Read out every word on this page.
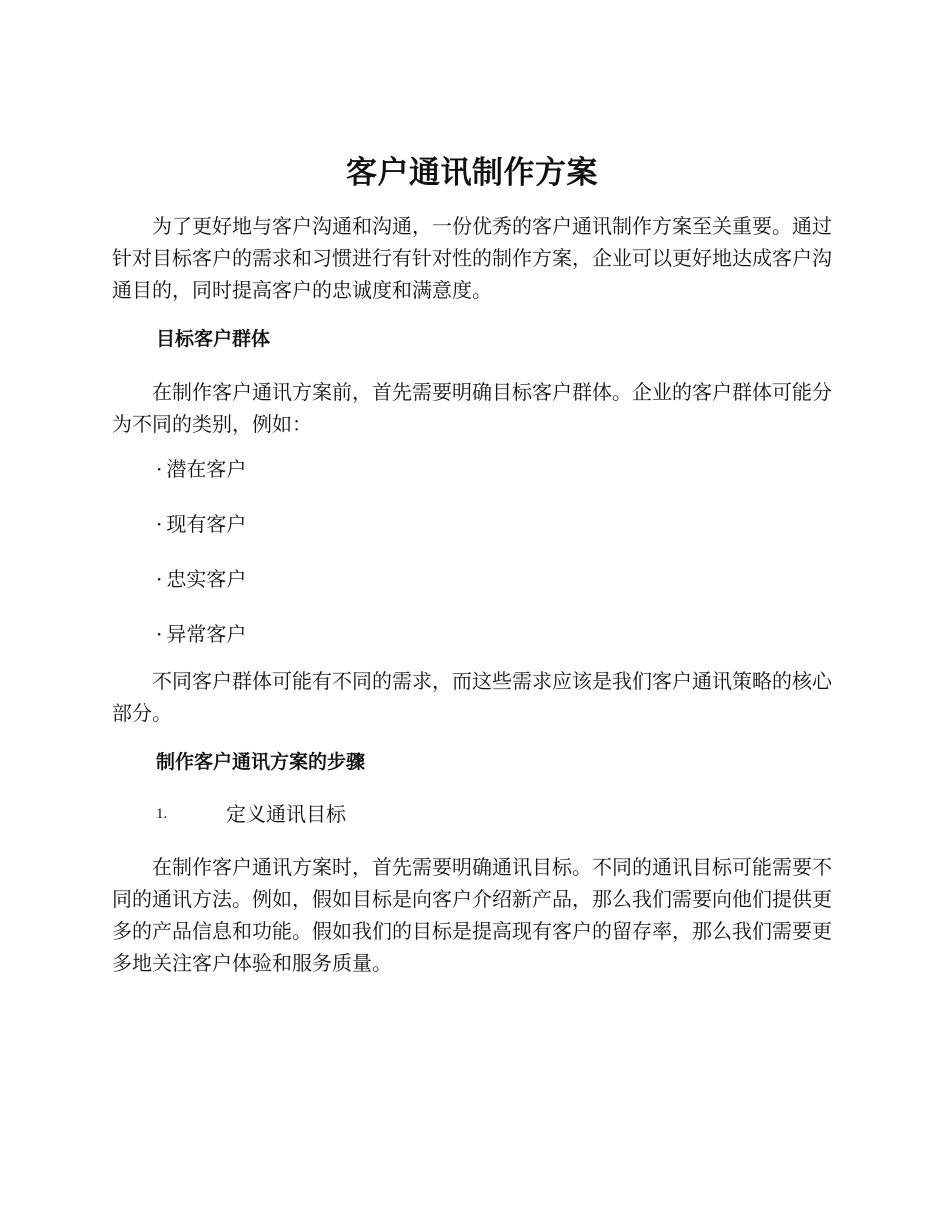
客户通讯制作方案

为了更好地与客户沟通和沟通，一份优秀的客户通讯制作方案至关重要。通过针对目标客户的需求和习惯进行有针对性的制作方案，企业可以更好地达成客户沟通目的，同时提高客户的忠诚度和满意度。

目标客户群体

在制作客户通讯方案前，首先需要明确目标客户群体。企业的客户群体可能分为不同的类别，例如：

· 潜在客户
· 现有客户
· 忠实客户
· 异常客户

不同客户群体可能有不同的需求，而这些需求应该是我们客户通讯策略的核心部分。

制作客户通讯方案的步骤
1.	定义通讯目标

在制作客户通讯方案时，首先需要明确通讯目标。不同的通讯目标可能需要不同的通讯方法。例如，假如目标是向客户介绍新产品，那么我们需要向他们提供更多的产品信息和功能。假如我们的目标是提高现有客户的留存率，那么我们需要更多地关注客户体验和服务质量。
